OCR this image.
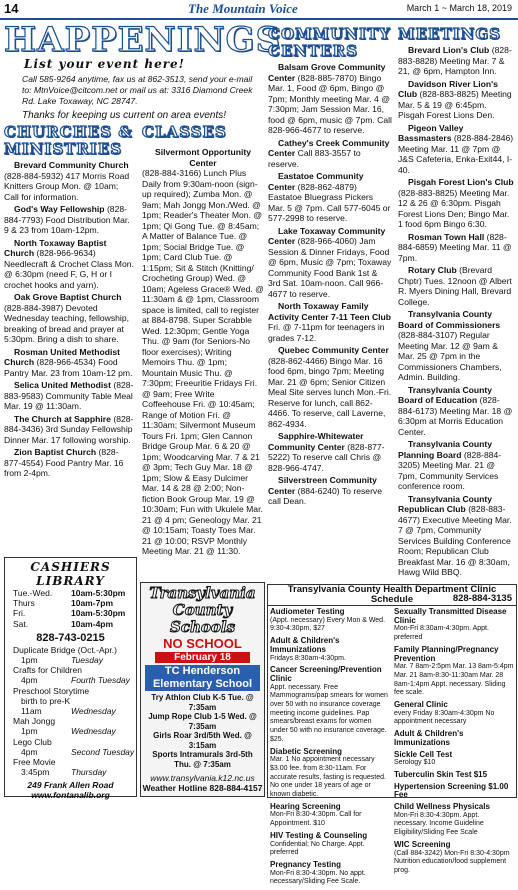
14	The Mountain Voice	March 1 ~ March 18, 2019
HAPPENINGS
List your event here!
Call 585-9264 anytime, fax us at 862-3513, send your e-mail to: MtnVoice@citcom.net or mail us at: 3316 Diamond Creek Rd. Lake Toxaway, NC 28747.
Thanks for keeping us current on area events!
CHURCHES & MINISTRIES
Brevard Community Church (828-884-5932) 417 Morris Road Knitters Group Mon. @ 10am; Call for information.
God's Way Fellowship (828-884-7793) Food Distribution Mar. 9 & 23 from 10am-12pm.
North Toxaway Baptist Church (828-966-9634) Needlecraft & Crochet Class Mon. @ 6:30pm (need F, G, H or I crochet hooks and yarn).
Oak Grove Baptist Church (828-884-3987) Devoted Wednesday teaching, fellowship, breaking of bread and prayer at 5:30pm. Bring a dish to share.
Rosman United Methodist Church (828-966-4534) Food Pantry Mar. 23 from 10am-12 pm.
Selica United Methodist (828-883-9583) Community Table Meal Mar. 19 @ 11:30am.
The Church at Sapphire (828-884-3436) 3rd Sunday Fellowship Dinner Mar. 17 following worship.
Zion Baptist Church (828-877-4554) Food Pantry Mar. 16 from 2-4pm.
CLASSES
Silvermont Opportunity Center
(828-884-3166) Lunch Plus Daily from 9:30am-noon (sign-up required); Zumba Mon. @ 9am; Mah Jongg Mon./Wed. @ 1pm; Reader's Theater Mon. @ 1pm; Qi Gong Tue. @ 8:45am; A Matter of Balance Tue. @ 1pm; Social Bridge Tue. @ 1pm; Card Club Tue. @ 1:15pm; Sit & Stitch (Knitting/ Crocheting Group) Wed. @ 10am; Ageless Grace® Wed. @ 11:30am & @ 1pm, Classroom space is limited, call to register at 884-8798. Super Scrabble Wed. 12:30pm; Gentle Yoga Thu. @ 9am (for Seniors-No floor exercises); Writing Memoirs Thu. @ 1pm; Mountain Music Thu. @ 7:30pm; Freeuritie Fridays Fri. @ 9am; Free Write Coffeehouse Fri. @ 10:45am; Range of Motion Fri. @ 11:30am; Silvermont Museum Tours Fri. 1pm; Glen Cannon Bridge Group Mar. 6 & 20 @ 1pm; Woodcarving Mar. 7 & 21 @ 3pm; Tech Guy Mar. 18 @ 1pm; Slow & Easy Dulcimer Mar. 14 & 28 @ 2:00; Non-fiction Book Group Mar. 19 @ 10:30am; Fun with Ukulele Mar. 21 @ 4 pm; Geneology Mar. 21 @ 10:15am; Toasty Toes Mar. 21 @ 10:00; RSVP Monthly Meeting Mar. 21 @ 11:30.
COMMUNITY CENTERS
Balsam Grove Community Center (828-885-7870) Bingo Mar. 1, Food @ 6pm, Bingo @ 7pm; Monthly meeting Mar. 4 @ 7:30pm; Jam Session Mar. 16, food @ 6pm, music @ 7pm. Call 828-966-4677 to reserve.
Cathey's Creek Community Center Call 883-3557 to reserve.
Eastatoe Community Center (828-862-4879) Eastatoe Bluegrass Pickers Mar. 5 @ 7pm. Call 577-6045 or 577-2998 to reserve.
Lake Toxaway Community Center (828-966-4060) Jam Session & Dinner Fridays, Food @ 6pm, Music @ 7pm; Toxaway Community Food Bank 1st & 3rd Sat. 10am-noon. Call 966-4677 to reserve.
North Toxaway Family Activity Center 7-11 Teen Club Fri. @ 7-11pm for teenagers in grades 7-12.
Quebec Community Center (828-862-4466) Bingo Mar. 16 food 6pm, bingo 7pm; Meeting Mar. 21 @ 6pm; Senior Citizen Meal Site serves lunch Mon.-Fri. Reserve for lunch, call 862-4466. To reserve, call Laverne, 862-4934.
Sapphire-Whitewater Community Center (828-877-5222) To reserve call Chris @ 828-966-4747.
Silverstreen Community Center (884-6240) To reserve call Dean.
MEETINGS
Brevard Lion's Club (828-883-8828) Meeting Mar. 7 & 21, @ 6pm, Hampton Inn.
Davidson River Lion's Club (828-883-8825) Meeting Mar. 5 & 19 @ 6:45pm. Pisgah Forest Lions Den.
Pigeon Valley Bassmasters (828-884-2846) Meeting Mar. 11 @ 7pm @ J&S Cafeteria, Enka-Exit44, I-40.
Pisgah Forest Lion's Club (828-883-8825) Meeting Mar. 12 & 26 @ 6:30pm. Pisgah Forest Lions Den; Bingo Mar. 1 food 6pm Bingo 6:30.
Rosman Town Hall (828-884-6859) Meeting Mar. 11 @ 7pm.
Rotary Club (Brevard Chptr) Tues. 12noon @ Albert R. Myers Dining Hall, Brevard College.
Transylvania County Board of Commissioners (828-884-3107) Regular Meeting Mar. 12 @ 9am & Mar. 25 @ 7pm in the Commissioners Chambers, Admin. Building.
Transylvania County Board of Education (828-884-6173) Meeting Mar. 18 @ 6:30pm at Morris Education Center.
Transylvania County Planning Board (828-884-3205) Meeting Mar. 21 @ 7pm, Community Services conference room.
Transylvania County Republican Club (828-883-4677) Executive Meeting Mar. 7 @ 7pm, Community Services Building Conference Room; Republican Club Breakfast Mar. 16 @ 8:30am, Hawg Wild BBQ.
CASHIERS LIBRARY
Tue.-Wed. 10am-5:30pm
Thurs	10am-7pm
Fri.	10am-5:30pm
Sat.	10am-4pm
828-743-0215
Duplicate Bridge (Oct.-Apr.)
1pm	Tuesday
Crafts for Children
4pm	Fourth Tuesday
Preschool Storytime
birth to pre-K
11am	Wednesday
Mah Jongg
1pm	Wednesday
Lego Club
4pm	Second Tuesday
Free Movie
3:45pm	Thursday
249 Frank Allen Road
www.fontanalib.org
Transylvania County Schools
NO SCHOOL
February 18
TC Henderson Elementary School
Try Athlon Club K-5 Tue. @ 7:35am
Jump Rope Club 1-5 Wed. @ 7:35am
Girls Roar 3rd/5th Wed. @ 3:15am
Sports Intramurals 3rd-5th
Thu. @ 7:35am
www.transylvania.k12.nc.us
Weather Hotline 828-884-4157
Transylvania County Health Department Clinic Schedule	828-884-3135
Audiometer Testing
(Appt. necessary) Every Mon & Wed. 9:30-4:30pm, $27
Adult & Children's Immunizations
Fridays 8:30am-4:30pm.
Cancer Screening/Prevention Clinic
Appt. necessary. Free Mammograms/pap smears for women over 50 with no insurance coverage meeting income guidelines. Pap smears/breast exams for women under 50 with no insurance coverage. $25.
Diabetic Screening
Mar. 1 No appointment necessary $3.00 fee. from 8:30-11am. For accurate results, fasting is requested. No one under 18 years of age or known diabetic.
Hearing Screening
Mon-Fri 8:30-4:30pm. Call for Appointment. $10
HIV Testing & Counseling
Confidential; No Charge. Appt. preferred
Pregnancy Testing
Mon-Fri 8:30-4:30pm. No appt. necessary/Sliding Fee Scale.
Sexually Transmitted Disease Clinic
Mon-Fri 8:30am-4:30pm. Appt. preferred
Family Planning/Pregnancy Prevention
Mar. 7 8am-2:5pm Mar. 13 8am-5:4pm Mar. 21 8am-8:30-11:30am Mar. 28 8am-1:4pm Appt. necessary. Sliding fee scale.
General Clinic
every Friday 8:30am-4:30pm No appointment necessary
Adult & Children's Immunizations
Sickle Cell Test
Serology $10
Tuberculin Skin Test $15
Hypertension Screening $1.00 Fee
Child Wellness Physicals
Mon-Fri 8:30-4:30pm. Appt. necessary. Income Guideline Eligibility/Sliding Fee Scale
WIC Screening
(Call 884-3242) Mon-Fri 8:30-4:30pm Nutrition education/food supplement prog.
